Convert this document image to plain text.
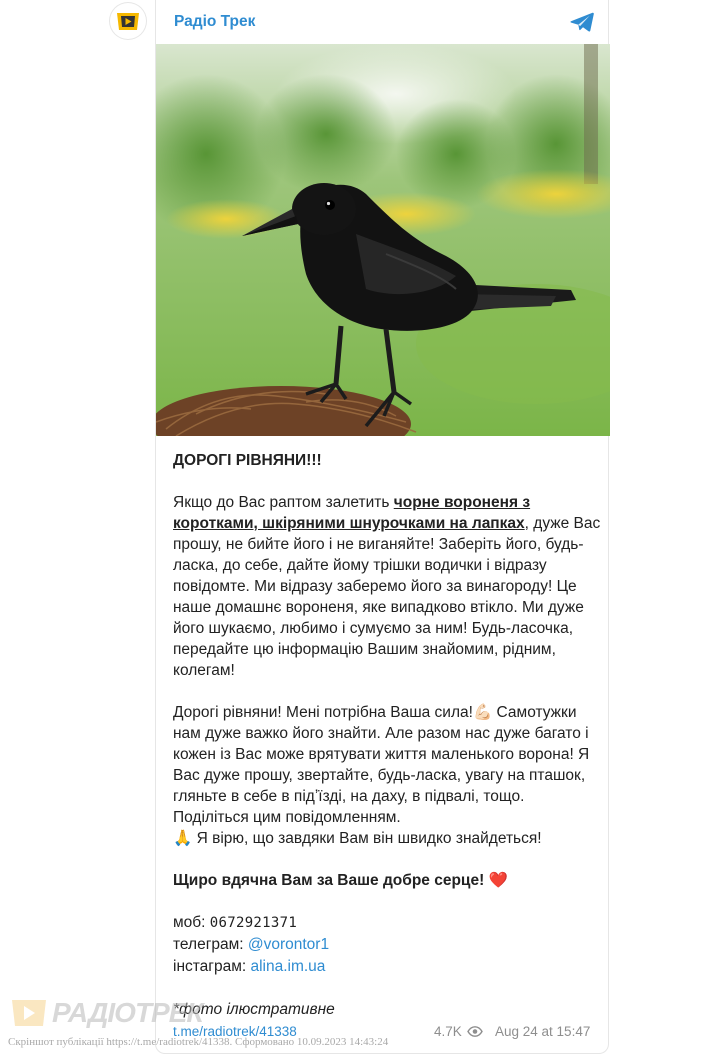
Радіо Трек

ДОРОГІ РІВНЯНИ!!!

Якщо до Вас раптом залетить чорне вороненя з коротками, шкіряними шнурочками на лапках, дуже Вас прошу, не бийте його і не виганяйте! Заберіть його, будь-ласка, до себе, дайте йому трішки водички і відразу повідомте. Ми відразу заберемо його за винагороду! Це наше домашнє вороненя, яке випадково втікло. Ми дуже його шукаємо, любимо і сумуємо за ним! Будь-ласочка, передайте цю інформацію Вашим знайомим, рідним, колегам!

Дорогі рівняни! Мені потрібна Ваша сила!💪🏻 Самотужки нам дуже важко його знайти. Але разом нас дуже багато і кожен із Вас може врятувати життя маленького ворона! Я Вас дуже прошу, звертайте, будь-ласка, увагу на пташок, гляньте в себе в підʼїзді, на даху, в підвалі, тощо. Поділіться цим повідомленням.
🙏 Я вірю, що завдяки Вам він швидко знайдеться!

Щиро вдячна Вам за Ваше добре серце! ❤️

моб: 0672921371
телеграм: @vorontor1
інстаграм: alina.im.ua

*фото ілюстративне

t.me/radiotrek/41338	4.7K Aug 24 at 15:47
РАДІОТРЕК
Скріншот публікації https://t.me/radiotrek/41338. Сформовано 10.09.2023 14:43:24
